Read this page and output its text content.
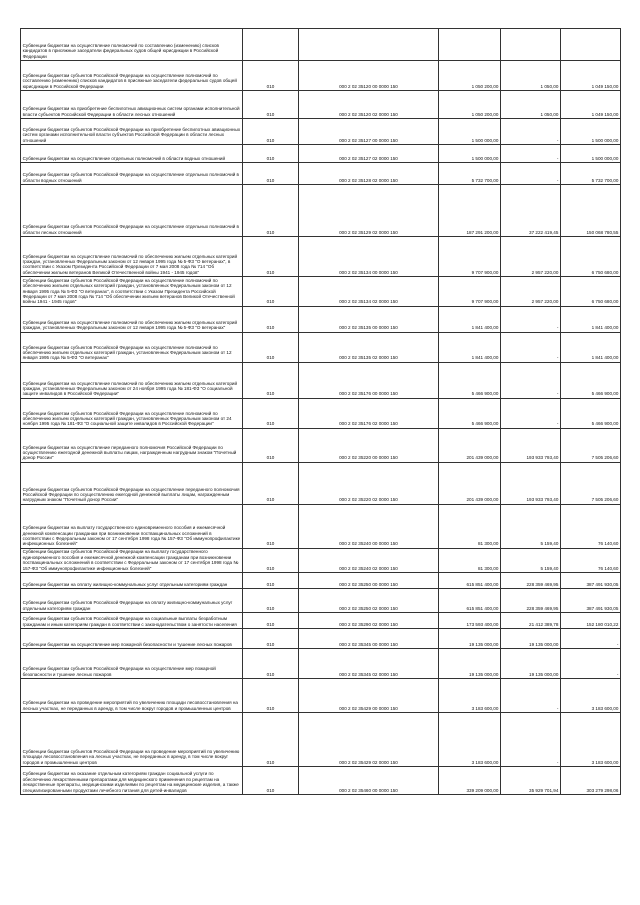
Субвенции бюджетам на осуществление полномочий по составлению (изменению) списков кандидатов в присяжные заседатели федеральных судов общей юрисдикции в Российской Федерации					
Субвенции бюджетам субъектов Российской Федерации на осуществление полномочий по составлению (изменению) списков кандидатов в присяжные заседатели федеральных судов общей юрисдикции в Российской Федерации	010	000 2 02 35120 00 0000 150	1 050 200,00	1 050,00	1 049 150,00
Субвенции бюджетам на приобретение беспилотных авиационных систем органами исполнительной власти субъектов Российской Федерации в области лесных отношений	010	000 2 02 35120 02 0000 150	1 050 200,00	1 050,00	1 049 150,00
Субвенции бюджетам субъектов Российской Федерации на приобретение беспилотных авиационных систем органами исполнительной власти субъектов Российской Федерации в области лесных отношений	010	000 2 02 35127 00 0000 150	1 500 000,00	-	1 500 000,00
Субвенции бюджетам на осуществление отдельных полномочий в области водных отношений	010	000 2 02 35127 02 0000 150	1 500 000,00	-	1 500 000,00
Субвенции бюджетам субъектов Российской Федерации на осуществление отдельных полномочий в области водных отношений	010	000 2 02 35128 02 0000 150	5 732 700,00	-	5 732 700,00
Субвенции бюджетам субъектов Российской Федерации на осуществление отдельных полномочий в области лесных отношений	010	000 2 02 35129 02 0000 150	187 291 200,00	37 222 419,45	150 068 780,55
Субвенции бюджетам на осуществление полномочий по обеспечению жильем отдельных категорий граждан, установленных Федеральным законом от 12 января 1995 года № 5-ФЗ "О ветеранах", в соответствии с Указом Президента Российской Федерации от 7 мая 2008 года № 714 "Об обеспечении жильем ветеранов Великой Отечественной войны 1941 - 1945 годов"	010	000 2 02 35134 00 0000 150	9 707 900,00	2 957 220,00	6 750 680,00
Субвенции бюджетам субъектов Российской Федерации на осуществление полномочий по обеспечению жильем отдельных категорий граждан, установленных Федеральным законом от 12 января 1995 года № 5-ФЗ "О ветеранах", в соответствии с Указом Президента Российской Федерации от 7 мая 2008 года № 714 "Об обеспечении жильем ветеранов Великой Отечественной войны 1941 - 1945 годов"	010	000 2 02 35134 02 0000 150	9 707 900,00	2 957 220,00	6 750 680,00
Субвенции бюджетам на осуществление полномочий по обеспечению жильем отдельных категорий граждан, установленных Федеральным законом от 12 января 1995 года № 5-ФЗ "О ветеранах"	010	000 2 02 35135 00 0000 150	1 841 400,00	-	1 841 400,00
Субвенции бюджетам субъектов Российской Федерации на осуществление полномочий по обеспечению жильем отдельных категорий граждан, установленных Федеральным законом от 12 января 1995 года № 5-ФЗ "О ветеранах"	010	000 2 02 35135 02 0000 150	1 841 400,00	-	1 841 400,00
Субвенции бюджетам на осуществление полномочий по обеспечению жильем отдельных категорий граждан, установленных Федеральным законом от 24 ноября 1995 года № 181-ФЗ "О социальной защите инвалидов в Российской Федерации"	010	000 2 02 35176 00 0000 150	5 466 900,00	-	5 466 900,00
Субвенции бюджетам субъектов Российской Федерации на осуществление полномочий по обеспечению жильем отдельных категорий граждан, установленных Федеральным законом от 24 ноября 1995 года № 181-ФЗ "О социальной защите инвалидов в Российской Федерации"	010	000 2 02 35176 02 0000 150	5 466 900,00	-	5 466 900,00
Субвенции бюджетам на осуществление переданного полномочия Российской Федерации по осуществлению ежегодной денежной выплаты лицам, награжденным нагрудным знаком "Почетный донор России"	010	000 2 02 35220 00 0000 150	201 439 000,00	193 933 793,40	7 505 206,60
Субвенции бюджетам субъектов Российской Федерации на осуществление переданного полномочия Российской Федерации по осуществлению ежегодной денежной выплаты лицам, награжденным нагрудным знаком "Почетный донор России"	010	000 2 02 35220 02 0000 150	201 439 000,00	193 933 793,40	7 505 206,60
Субвенции бюджетам на выплату государственного единовременного пособия и ежемесячной денежной компенсации гражданам при возникновении поствакцинальных осложнений в соответствии с Федеральным законом от 17 сентября 1998 года № 157-ФЗ "Об иммунопрофилактике инфекционных болезней"	010	000 2 02 35240 00 0000 150	81 300,00	5 159,40	76 140,60
Субвенции бюджетам субъектов Российской Федерации на выплату государственного единовременного пособия и ежемесячной денежной компенсации гражданам при возникновении поствакцинальных осложнений в соответствии с Федеральным законом от 17 сентября 1998 года № 157-ФЗ "Об иммунопрофилактике инфекционных болезней"	010	000 2 02 35240 02 0000 150	81 300,00	5 159,40	76 140,60
Субвенции бюджетам на оплату жилищно-коммунальных услуг отдельным категориям граждан	010	000 2 02 35250 00 0000 150	615 851 400,00	228 359 469,95	387 491 930,05
Субвенции бюджетам субъектов Российской Федерации на оплату жилищно-коммунальных услуг отдельным категориям граждан	010	000 2 02 35250 02 0000 150	615 851 400,00	228 359 469,95	387 491 930,05
Субвенции бюджетам субъектов Российской Федерации на социальные выплаты безработным гражданам и иным категориям граждан в соответствии с законодательством о занятости населения	010	000 2 02 35290 02 0000 150	173 593 400,00	21 412 389,78	152 180 010,22
Субвенции бюджетам на осуществление мер пожарной безопасности и тушение лесных пожаров	010	000 2 02 35345 00 0000 150	19 135 000,00	19 135 000,00	-
Субвенции бюджетам субъектов Российской Федерации на осуществление мер пожарной безопасности и тушение лесных пожаров	010	000 2 02 35345 02 0000 150	19 135 000,00	19 135 000,00	-
Субвенции бюджетам на проведение мероприятий по увеличению площади лесовосстановления на лесных участках, не переданных в аренду, в том числе вокруг городов и промышленных центров	010	000 2 02 35429 00 0000 150	3 183 600,00	-	3 183 600,00
Субвенции бюджетам субъектов Российской Федерации на проведение мероприятий по увеличению площади лесовосстановления на лесных участках, не переданных в аренду, в том числе вокруг городов и промышленных центров	010	000 2 02 35429 02 0000 150	3 183 600,00	-	3 183 600,00
Субвенции бюджетам на оказание отдельным категориям граждан социальной услуги по обеспечению лекарственными препаратами для медицинского применения по рецептам на лекарственные препараты, медицинскими изделиями по рецептам на медицинские изделия, а также специализированными продуктами лечебного питания для детей-инвалидов	010	000 2 02 35460 00 0000 150	339 209 000,00	35 929 701,94	303 279 298,06
